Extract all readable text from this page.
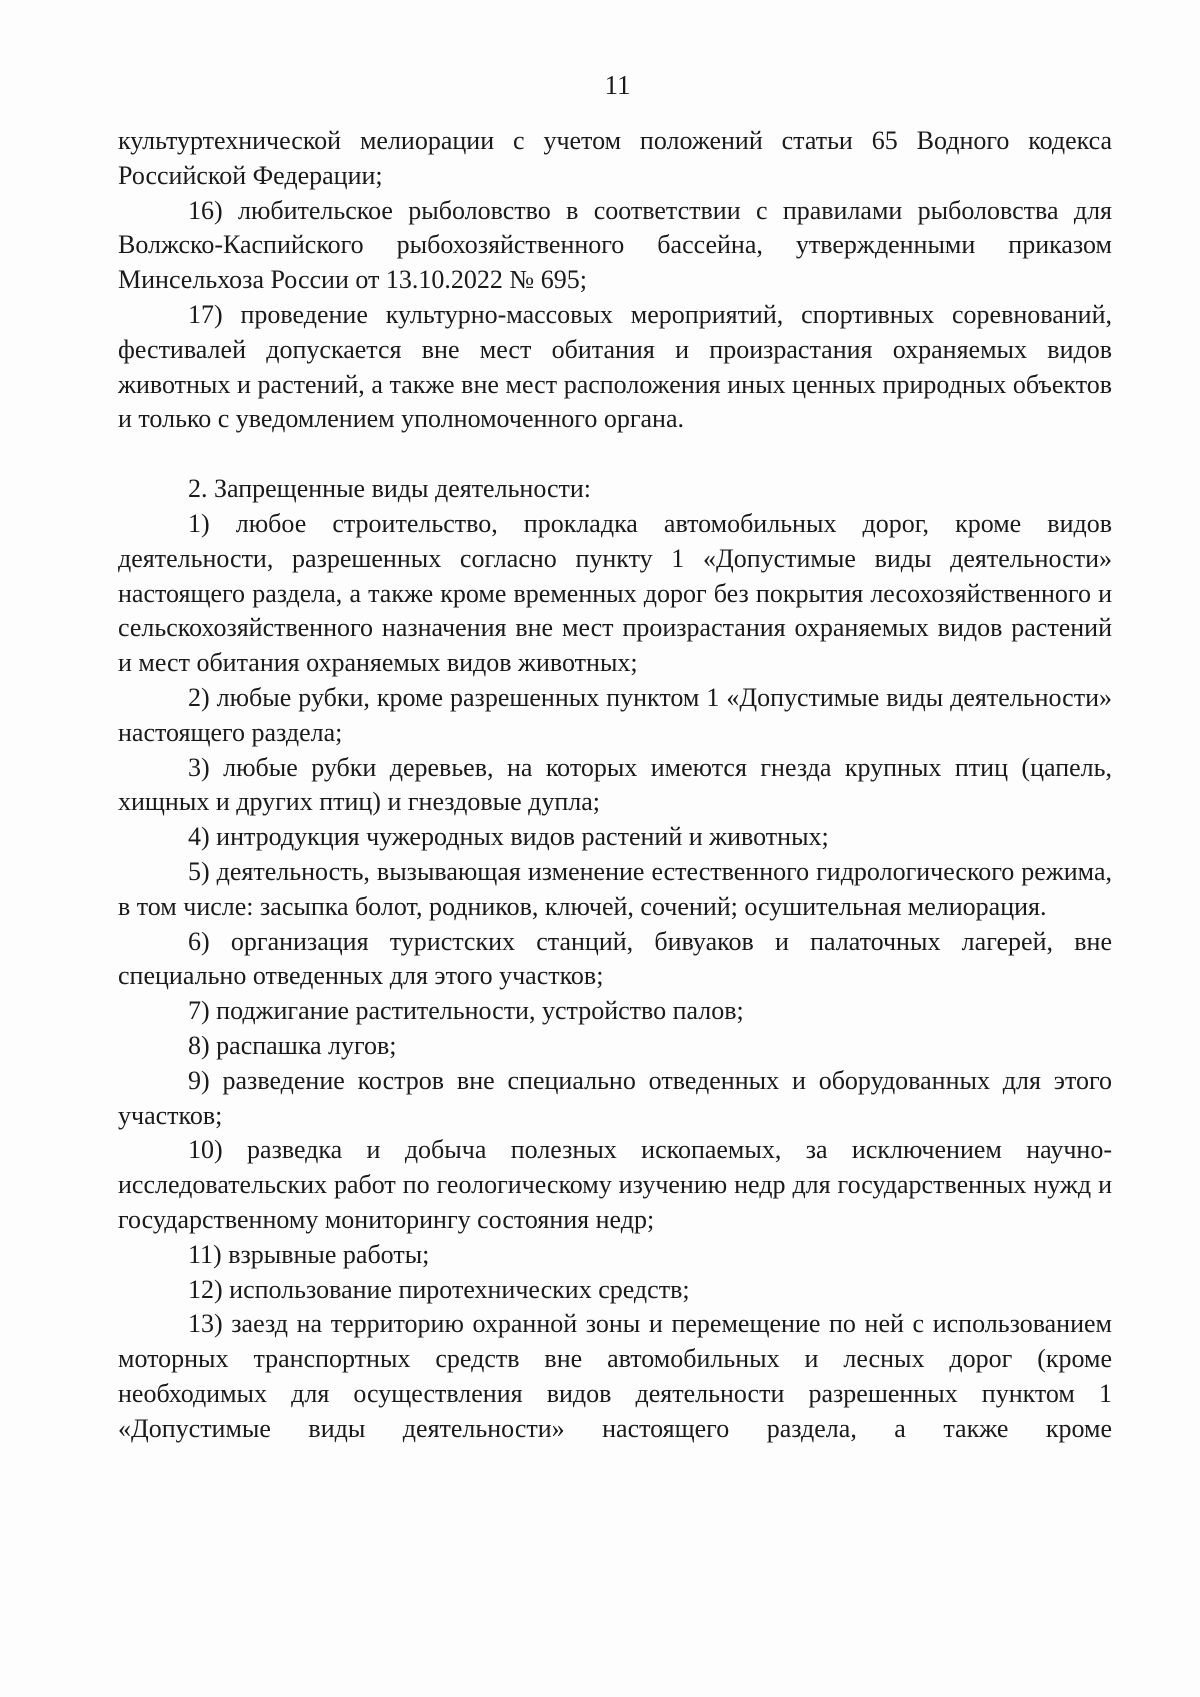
11

культуртехнической мелиорации с учетом положений статьи 65 Водного кодекса Российской Федерации;

16) любительское рыболовство в соответствии с правилами рыболовства для Волжско-Каспийского рыбохозяйственного бассейна, утвержденными приказом Минсельхоза России от 13.10.2022 № 695;

17) проведение культурно-массовых мероприятий, спортивных соревнований, фестивалей допускается вне мест обитания и произрастания охраняемых видов животных и растений, а также вне мест расположения иных ценных природных объектов и только с уведомлением уполномоченного органа.

2. Запрещенные виды деятельности:

1) любое строительство, прокладка автомобильных дорог, кроме видов деятельности, разрешенных согласно пункту 1 «Допустимые виды деятельности» настоящего раздела, а также кроме временных дорог без покрытия лесохозяйственного и сельскохозяйственного назначения вне мест произрастания охраняемых видов растений и мест обитания охраняемых видов животных;

2) любые рубки, кроме разрешенных пунктом 1 «Допустимые виды деятельности» настоящего раздела;

3) любые рубки деревьев, на которых имеются гнезда крупных птиц (цапель, хищных и других птиц) и гнездовые дупла;

4) интродукция чужеродных видов растений и животных;

5) деятельность, вызывающая изменение естественного гидрологического режима, в том числе: засыпка болот, родников, ключей, сочений; осушительная мелиорация.

6) организация туристских станций, бивуаков и палаточных лагерей, вне специально отведенных для этого участков;

7) поджигание растительности, устройство палов;

8) распашка лугов;

9) разведение костров вне специально отведенных и оборудованных для этого участков;

10) разведка и добыча полезных ископаемых, за исключением научно-исследовательских работ по геологическому изучению недр для государственных нужд и государственному мониторингу состояния недр;

11) взрывные работы;

12) использование пиротехнических средств;

13) заезд на территорию охранной зоны и перемещение по ней с использованием моторных транспортных средств вне автомобильных и лесных дорог (кроме необходимых для осуществления видов деятельности разрешенных пунктом 1 «Допустимые виды деятельности» настоящего раздела, а также кроме
